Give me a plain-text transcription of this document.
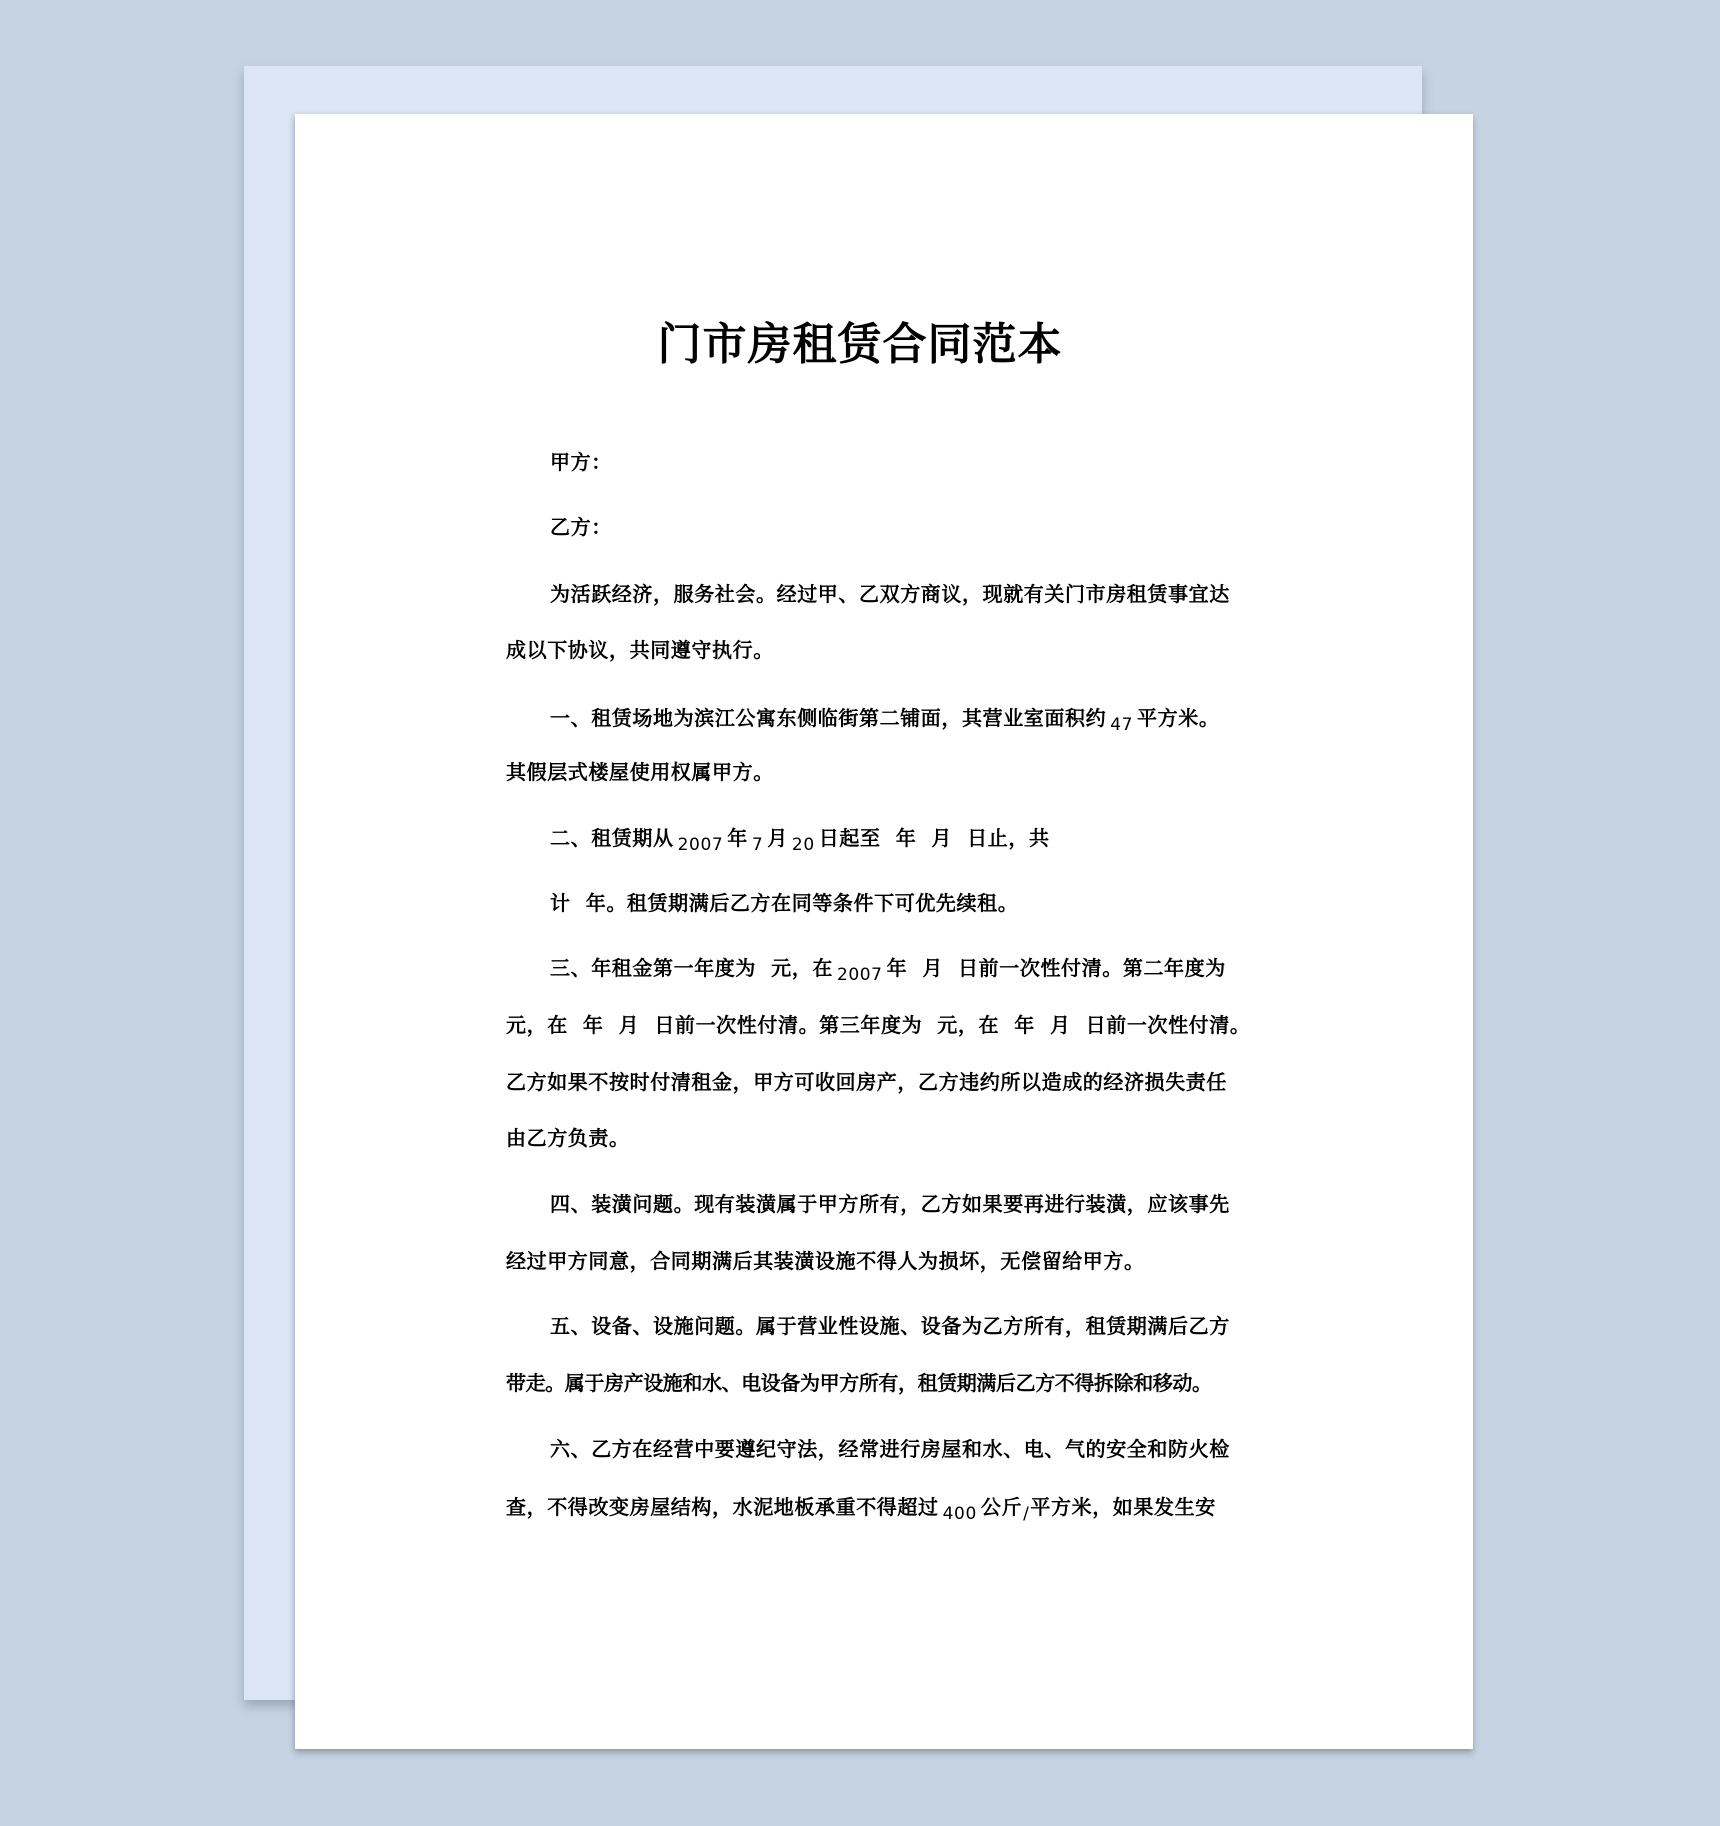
门市房租赁合同范本
甲方：
乙方：
为活跃经济，服务社会。经过甲、乙双方商议，现就有关门市房租赁事宜达
成以下协议，共同遵守执行。
一、租赁场地为滨江公寓东侧临街第二铺面，其营业室面积约 $_{47}$ 平方米。
其假层式楼屋使用权属甲方。
二、租赁期从 $_{2007}$ 年 $_7$ 月 $_{20}$ 日起至  年  月  日止，共
计  年。租赁期满后乙方在同等条件下可优先续租。
三、年租金第一年度为  元，在 $_{2007}$ 年  月  日前一次性付清。第二年度为
元，在  年  月  日前一次性付清。第三年度为  元，在  年  月  日前一次性付清。
乙方如果不按时付清租金，甲方可收回房产，乙方违约所以造成的经济损失责任
由乙方负责。
四、装潢问题。现有装潢属于甲方所有，乙方如果要再进行装潢，应该事先
经过甲方同意，合同期满后其装潢设施不得人为损坏，无偿留给甲方。
五、设备、设施问题。属于营业性设施、设备为乙方所有，租赁期满后乙方
带走。属于房产设施和水、电设备为甲方所有，租赁期满后乙方不得拆除和移动。
六、乙方在经营中要遵纪守法，经常进行房屋和水、电、气的安全和防火检
查，不得改变房屋结构，水泥地板承重不得超过 $_{400}$ 公斤$_/$平方米，如果发生安
